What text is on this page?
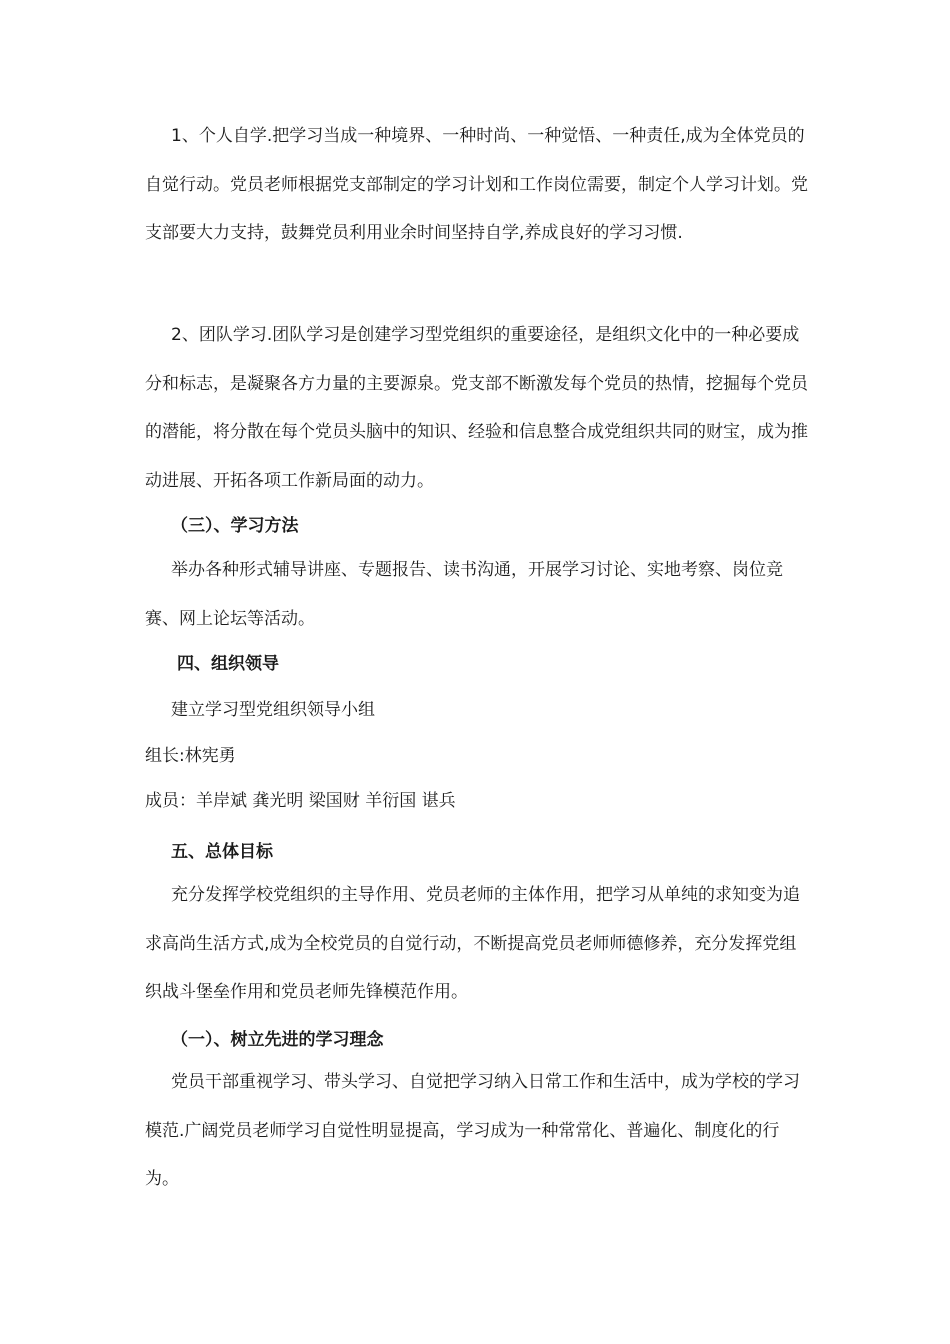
1、个人自学.把学习当成一种境界、一种时尚、一种觉悟、一种责任,成为全体党员的自觉行动。党员老师根据党支部制定的学习计划和工作岗位需要，制定个人学习计划。党支部要大力支持，鼓舞党员利用业余时间坚持自学,养成良好的学习习惯.
2、团队学习.团队学习是创建学习型党组织的重要途径，是组织文化中的一种必要成分和标志，是凝聚各方力量的主要源泉。党支部不断激发每个党员的热情，挖掘每个党员的潜能，将分散在每个党员头脑中的知识、经验和信息整合成党组织共同的财宝，成为推动进展、开拓各项工作新局面的动力。
（三）、学习方法
举办各种形式辅导讲座、专题报告、读书沟通，开展学习讨论、实地考察、岗位竞赛、网上论坛等活动。
四、组织领导
建立学习型党组织领导小组
组长:林宪勇
成员：羊岸斌 龚光明 梁国财 羊衍国 谌兵
五、总体目标
充分发挥学校党组织的主导作用、党员老师的主体作用，把学习从单纯的求知变为追求高尚生活方式,成为全校党员的自觉行动，不断提高党员老师师德修养，充分发挥党组织战斗堡垒作用和党员老师先锋模范作用。
（一）、树立先进的学习理念
党员干部重视学习、带头学习、自觉把学习纳入日常工作和生活中，成为学校的学习模范.广阔党员老师学习自觉性明显提高，学习成为一种常常化、普遍化、制度化的行为。
